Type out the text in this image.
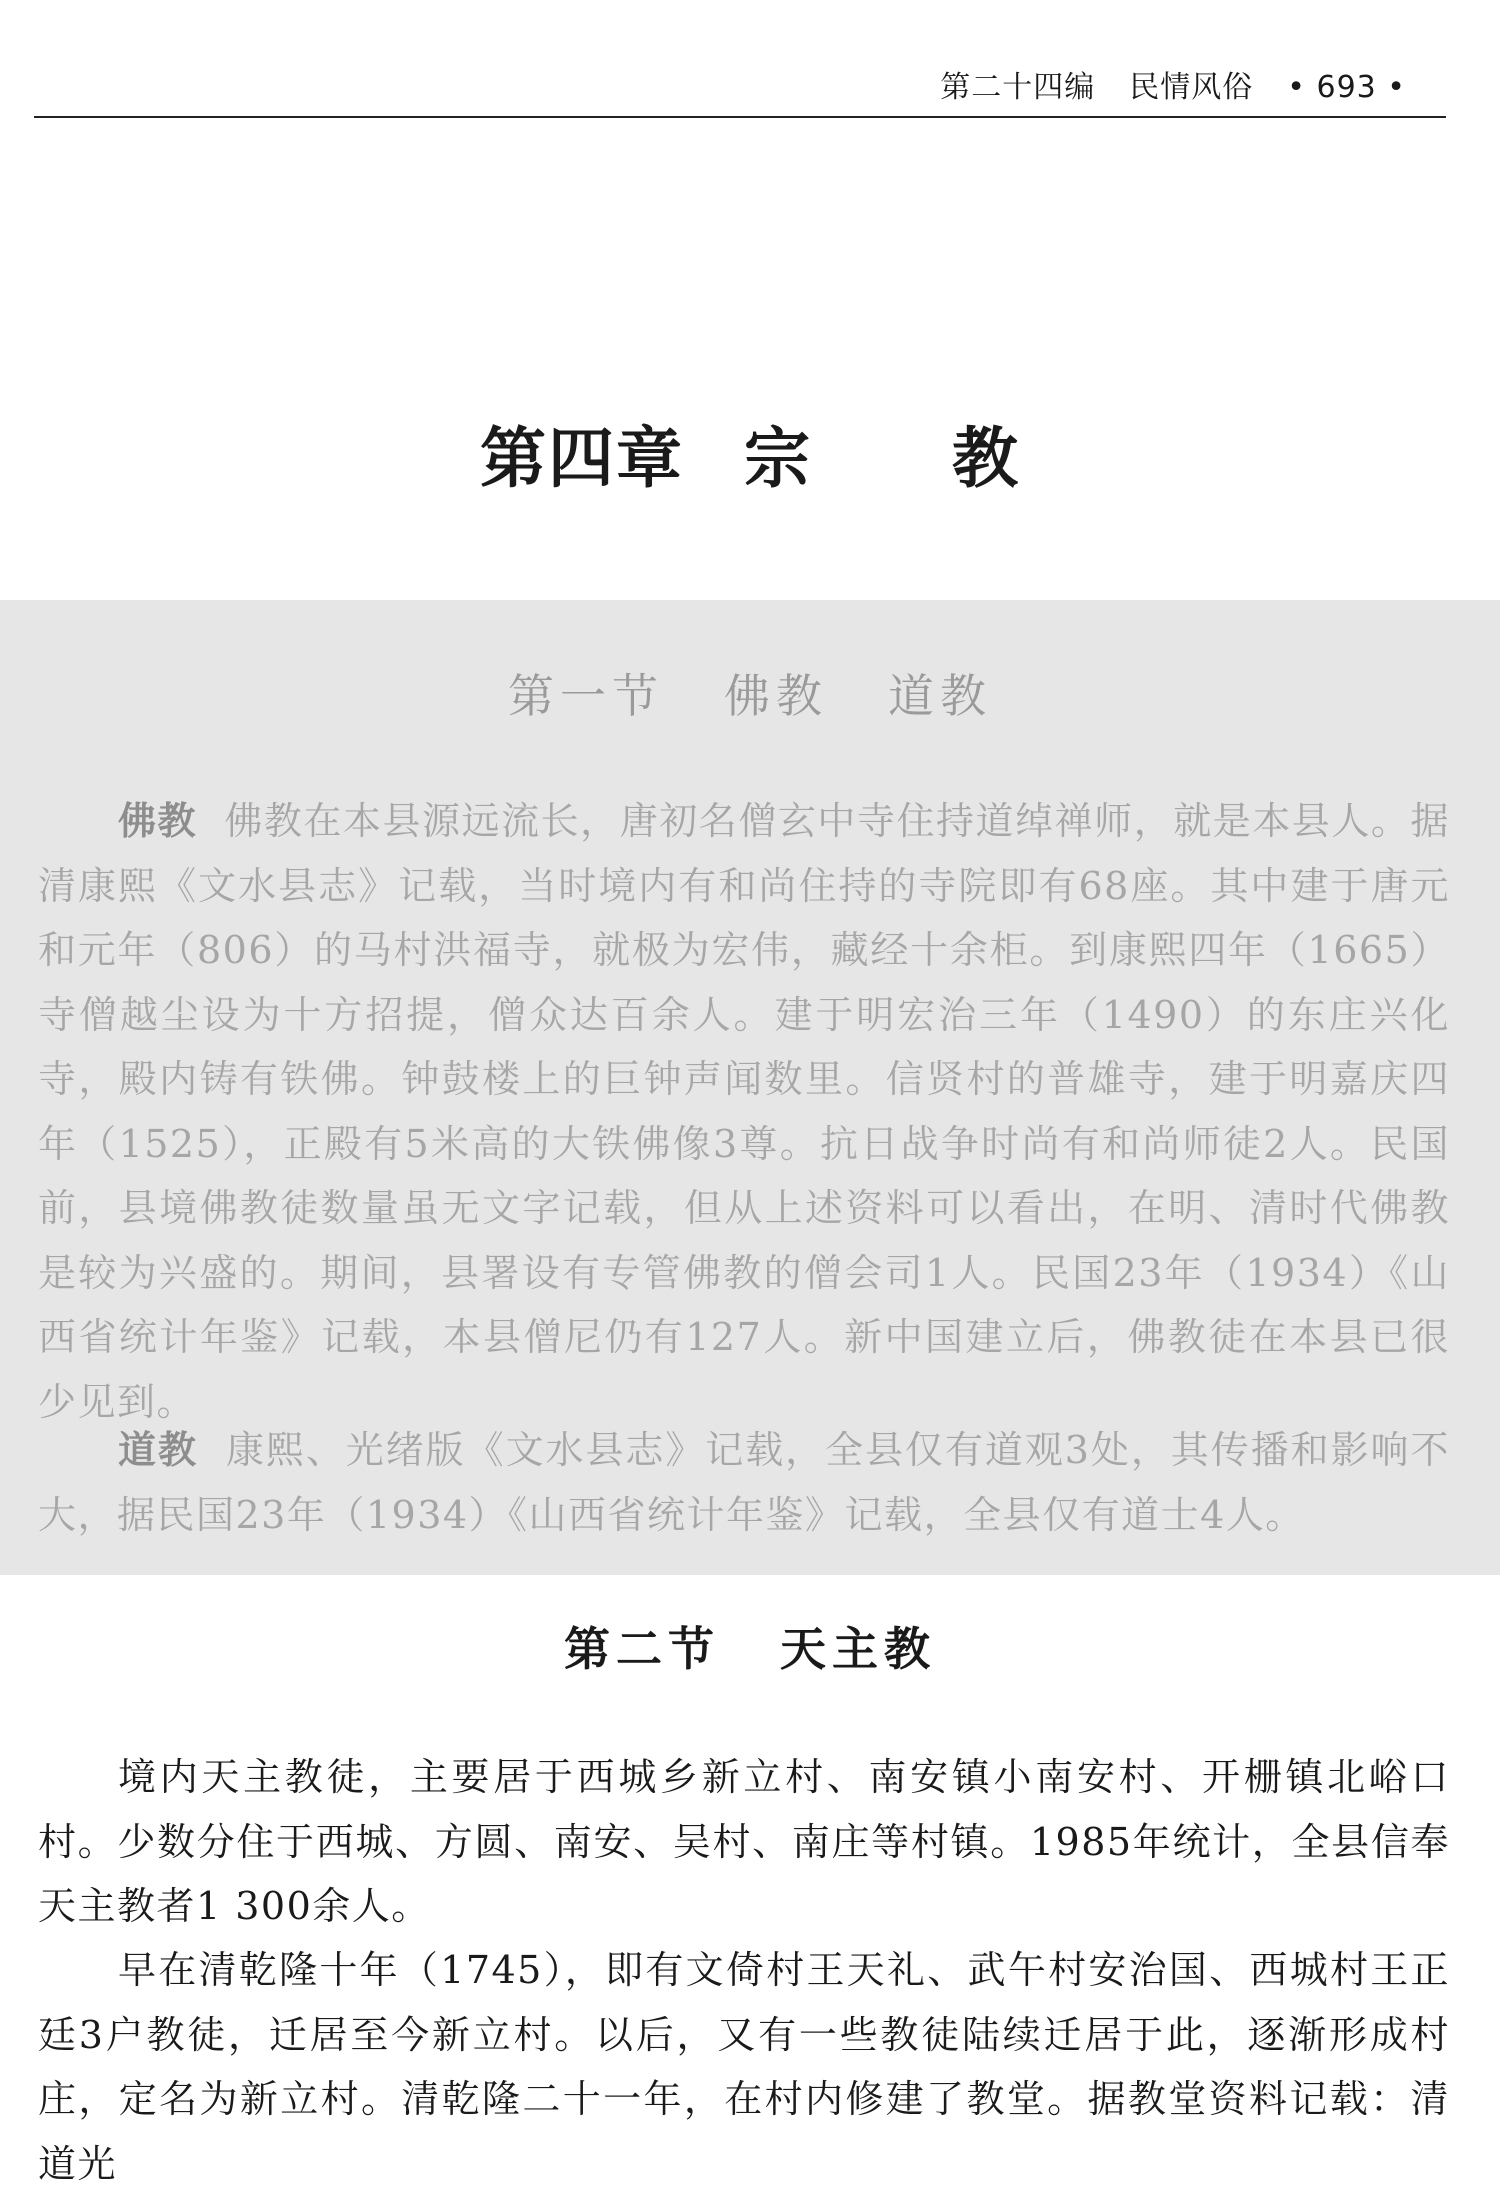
第二十四编 民情风俗 • 693 •
第四章 宗 教
第一节 佛教 道教
佛教 佛教在本县源远流长，唐初名僧玄中寺住持道绰禅师，就是本县人。据清康熙《文水县志》记载，当时境内有和尚住持的寺院即有68座。其中建于唐元和元年（806）的马村洪福寺，就极为宏伟，藏经十余柜。到康熙四年（1665）寺僧越尘设为十方招提，僧众达百余人。建于明宏治三年（1490）的东庄兴化寺，殿内铸有铁佛。钟鼓楼上的巨钟声闻数里。信贤村的普雄寺，建于明嘉庆四年（1525），正殿有5米高的大铁佛像3尊。抗日战争时尚有和尚师徒2人。民国前，县境佛教徒数量虽无文字记载，但从上述资料可以看出，在明、清时代佛教是较为兴盛的。期间，县署设有专管佛教的僧会司1人。民国23年（1934）《山西省统计年鉴》记载，本县僧尼仍有127人。新中国建立后，佛教徒在本县已很少见到。
道教 康熙、光绪版《文水县志》记载，全县仅有道观3处，其传播和影响不大，据民国23年（1934）《山西省统计年鉴》记载，全县仅有道士4人。
第二节 天主教
境内天主教徒，主要居于西城乡新立村、南安镇小南安村、开栅镇北峪口村。少数分住于西城、方圆、南安、吴村、南庄等村镇。1985年统计，全县信奉天主教者1 300余人。
早在清乾隆十年（1745），即有文倚村王天礼、武午村安治国、西城村王正廷3户教徒，迁居至今新立村。以后，又有一些教徒陆续迁居于此，逐渐形成村庄，定名为新立村。清乾隆二十一年，在村内修建了教堂。据教堂资料记载：清道光
